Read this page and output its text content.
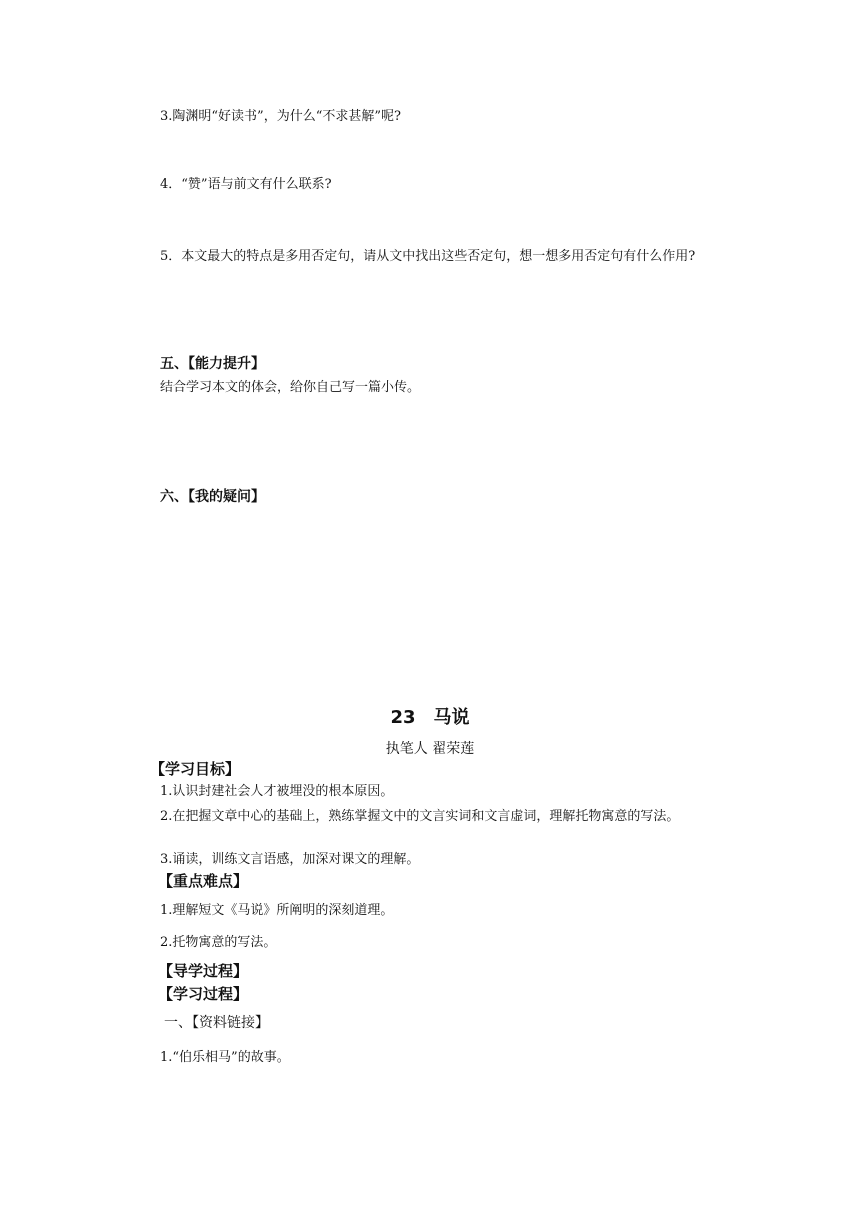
3.陶渊明“好读书”，为什么“不求甚解”呢?
4．“赞”语与前文有什么联系?
5．本文最大的特点是多用否定句，请从文中找出这些否定句，想一想多用否定句有什么作用?
五、【能力提升】
结合学习本文的体会，给你自己写一篇小传。
六、【我的疑问】
23 马说
执笔人 翟荣莲
【学习目标】
1.认识封建社会人才被埋没的根本原因。
2.在把握文章中心的基础上，熟练掌握文中的文言实词和文言虚词，理解托物寓意的写法。
3.诵读，训练文言语感，加深对课文的理解。
【重点难点】
1.理解短文《马说》所阐明的深刻道理。
2.托物寓意的写法。
【导学过程】
【学习过程】
一、【资料链接】
1.“伯乐相马”的故事。
